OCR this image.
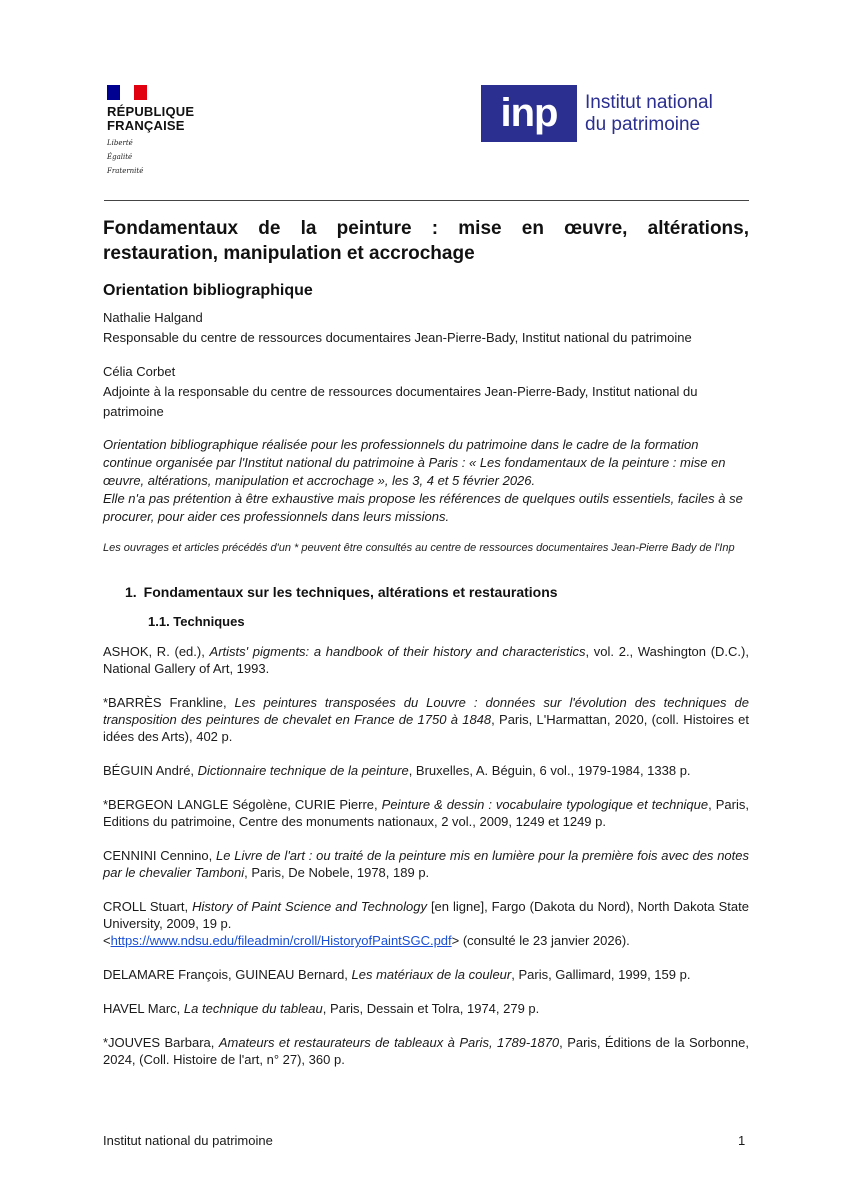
RÉPUBLIQUE
FRANÇAISE
Liberté
Égalité
Fraternité
inp	Institut national
du patrimoine
Fondamentaux de la peinture : mise en œuvre, altérations, restauration, manipulation et accrochage
Orientation bibliographique
Nathalie Halgand
Responsable du centre de ressources documentaires Jean-Pierre-Bady, Institut national du patrimoine
Célia Corbet
Adjointe à la responsable du centre de ressources documentaires Jean-Pierre-Bady, Institut national du patrimoine
Orientation bibliographique réalisée pour les professionnels du patrimoine dans le cadre de la formation continue organisée par l'Institut national du patrimoine à Paris : « Les fondamentaux de la peinture : mise en œuvre, altérations, manipulation et accrochage », les 3, 4 et 5 février 2026.
Elle n'a pas prétention à être exhaustive mais propose les références de quelques outils essentiels, faciles à se procurer, pour aider ces professionnels dans leurs missions.
Les ouvrages et articles précédés d'un * peuvent être consultés au centre de ressources documentaires Jean-Pierre Bady de l'Inp
1. Fondamentaux sur les techniques, altérations et restaurations
1.1. Techniques

ASHOK, R. (ed.), Artists' pigments: a handbook of their history and characteristics, vol. 2., Washington (D.C.), National Gallery of Art, 1993.

*BARRÈS Frankline, Les peintures transposées du Louvre : données sur l'évolution des techniques de transposition des peintures de chevalet en France de 1750 à 1848, Paris, L'Harmattan, 2020, (coll. Histoires et idées des Arts), 402 p.

BÉGUIN André, Dictionnaire technique de la peinture, Bruxelles, A. Béguin, 6 vol., 1979-1984, 1338 p.

*BERGEON LANGLE Ségolène, CURIE Pierre, Peinture & dessin : vocabulaire typologique et technique, Paris, Editions du patrimoine, Centre des monuments nationaux, 2 vol., 2009, 1249 et 1249 p.

CENNINI Cennino, Le Livre de l'art : ou traité de la peinture mis en lumière pour la première fois avec des notes par le chevalier Tamboni, Paris, De Nobele, 1978, 189 p.

CROLL Stuart, History of Paint Science and Technology [en ligne], Fargo (Dakota du Nord), North Dakota State University, 2009, 19 p.
<https://www.ndsu.edu/fileadmin/croll/HistoryofPaintSGC.pdf> (consulté le 23 janvier 2026).

DELAMARE François, GUINEAU Bernard, Les matériaux de la couleur, Paris, Gallimard, 1999, 159 p.

HAVEL Marc, La technique du tableau, Paris, Dessain et Tolra, 1974, 279 p.

*JOUVES Barbara, Amateurs et restaurateurs de tableaux à Paris, 1789-1870, Paris, Éditions de la Sorbonne, 2024, (Coll. Histoire de l'art, n° 27), 360 p.

Institut national du patrimoine	1
